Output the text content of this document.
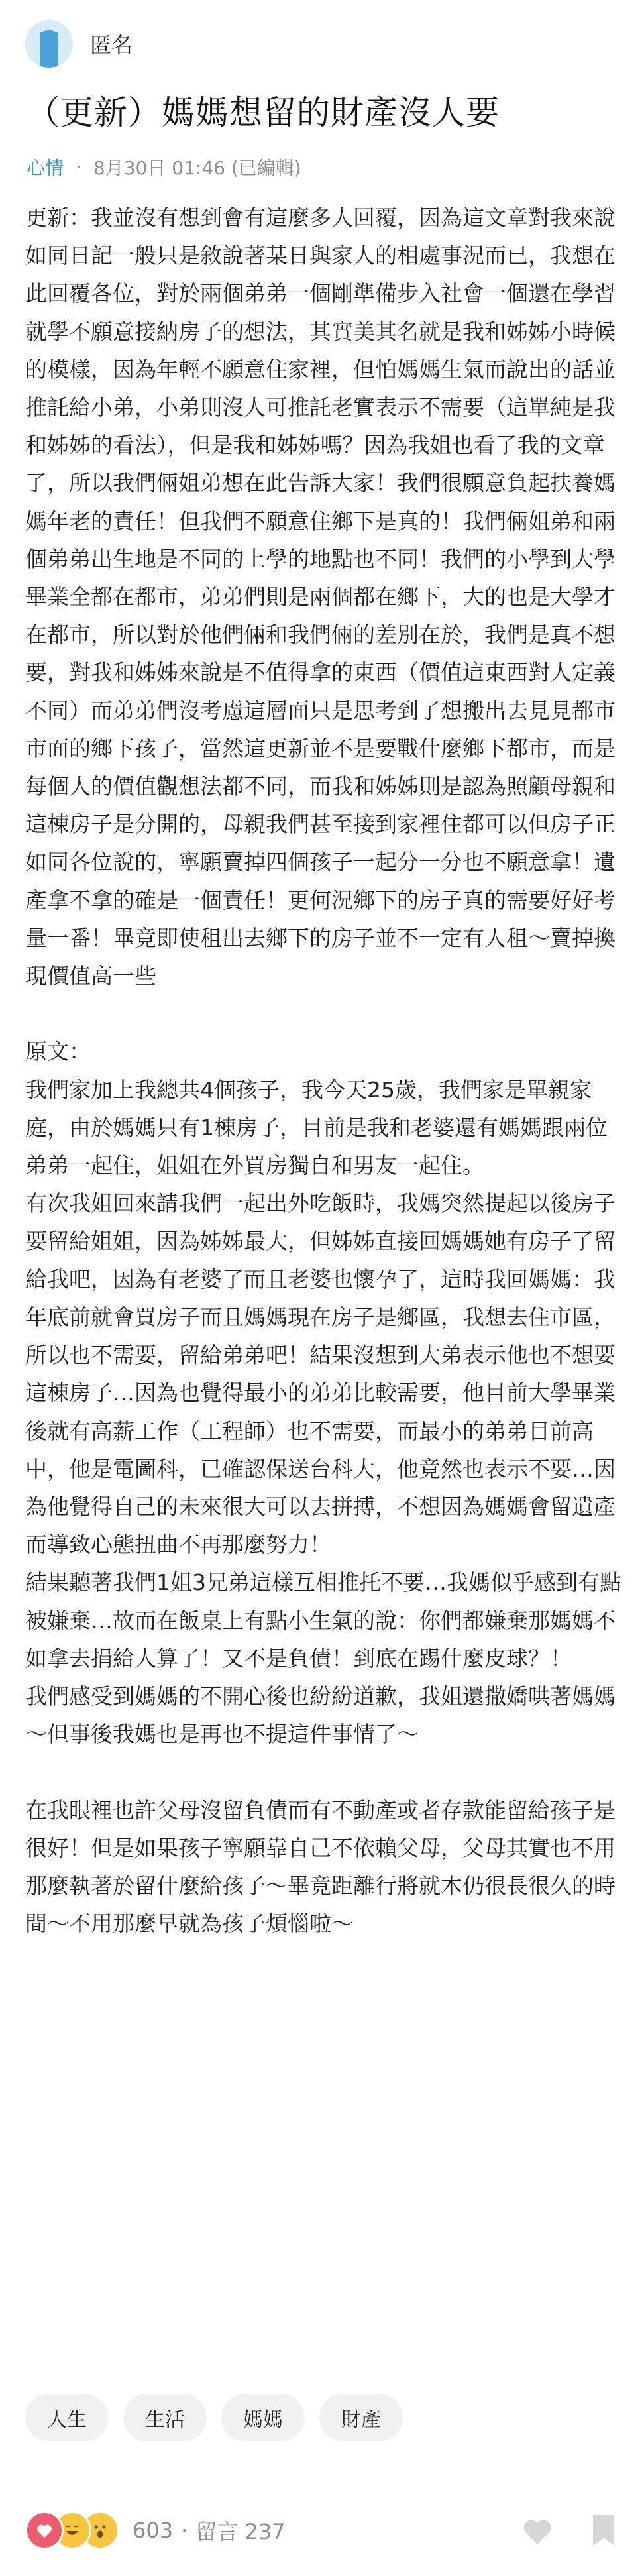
匿名
（更新）媽媽想留的財產沒人要
心情 · 8月30日 01:46 (已編輯)
更新：我並沒有想到會有這麼多人回覆，因為這文章對我來說如同日記一般只是敘說著某日與家人的相處事況而已，我想在此回覆各位，對於兩個弟弟一個剛準備步入社會一個還在學習就學不願意接納房子的想法，其實美其名就是我和姊姊小時候的模樣，因為年輕不願意住家裡，但怕媽媽生氣而說出的話並推託給小弟，小弟則沒人可推託老實表示不需要（這單純是我和姊姊的看法），但是我和姊姊嗎？因為我姐也看了我的文章了，所以我們倆姐弟想在此告訴大家！我們很願意負起扶養媽媽年老的責任！但我們不願意住鄉下是真的！我們倆姐弟和兩個弟弟出生地是不同的上學的地點也不同！我們的小學到大學畢業全都在都市，弟弟們則是兩個都在鄉下，大的也是大學才在都市，所以對於他們倆和我們倆的差別在於，我們是真不想要，對我和姊姊來說是不值得拿的東西（價值這東西對人定義不同）而弟弟們沒考慮這層面只是思考到了想搬出去見見都市市面的鄉下孩子，當然這更新並不是要戰什麼鄉下都市，而是每個人的價值觀想法都不同，而我和姊姊則是認為照顧母親和這棟房子是分開的，母親我們甚至接到家裡住都可以但房子正如同各位說的，寧願賣掉四個孩子一起分一分也不願意拿！遺產拿不拿的確是一個責任！更何況鄉下的房子真的需要好好考量一番！畢竟即使租出去鄉下的房子並不一定有人租～賣掉換現價值高一些

原文：
我們家加上我總共4個孩子，我今天25歲，我們家是單親家庭，由於媽媽只有1棟房子，目前是我和老婆還有媽媽跟兩位弟弟一起住，姐姐在外買房獨自和男友一起住。
有次我姐回來請我們一起出外吃飯時，我媽突然提起以後房子要留給姐姐，因為姊姊最大，但姊姊直接回媽媽她有房子了留給我吧，因為有老婆了而且老婆也懷孕了，這時我回媽媽：我年底前就會買房子而且媽媽現在房子是鄉區，我想去住市區，所以也不需要，留給弟弟吧！結果沒想到大弟表示他也不想要這棟房子…因為也覺得最小的弟弟比較需要，他目前大學畢業後就有高薪工作（工程師）也不需要，而最小的弟弟目前高中，他是電圖科，已確認保送台科大，他竟然也表示不要…因為他覺得自己的未來很大可以去拼搏，不想因為媽媽會留遺產而導致心態扭曲不再那麼努力！
結果聽著我們1姐3兄弟這樣互相推托不要…我媽似乎感到有點被嫌棄…故而在飯桌上有點小生氣的說：你們都嫌棄那媽媽不如拿去捐給人算了！又不是負債！到底在踢什麼皮球？！
我們感受到媽媽的不開心後也紛紛道歉，我姐還撒嬌哄著媽媽～但事後我媽也是再也不提這件事情了～

在我眼裡也許父母沒留負債而有不動產或者存款能留給孩子是很好！但是如果孩子寧願靠自己不依賴父母，父母其實也不用那麼執著於留什麼給孩子～畢竟距離行將就木仍很長很久的時間～不用那麼早就為孩子煩惱啦～
人生	生活	媽媽	財產
603 · 留言 237
